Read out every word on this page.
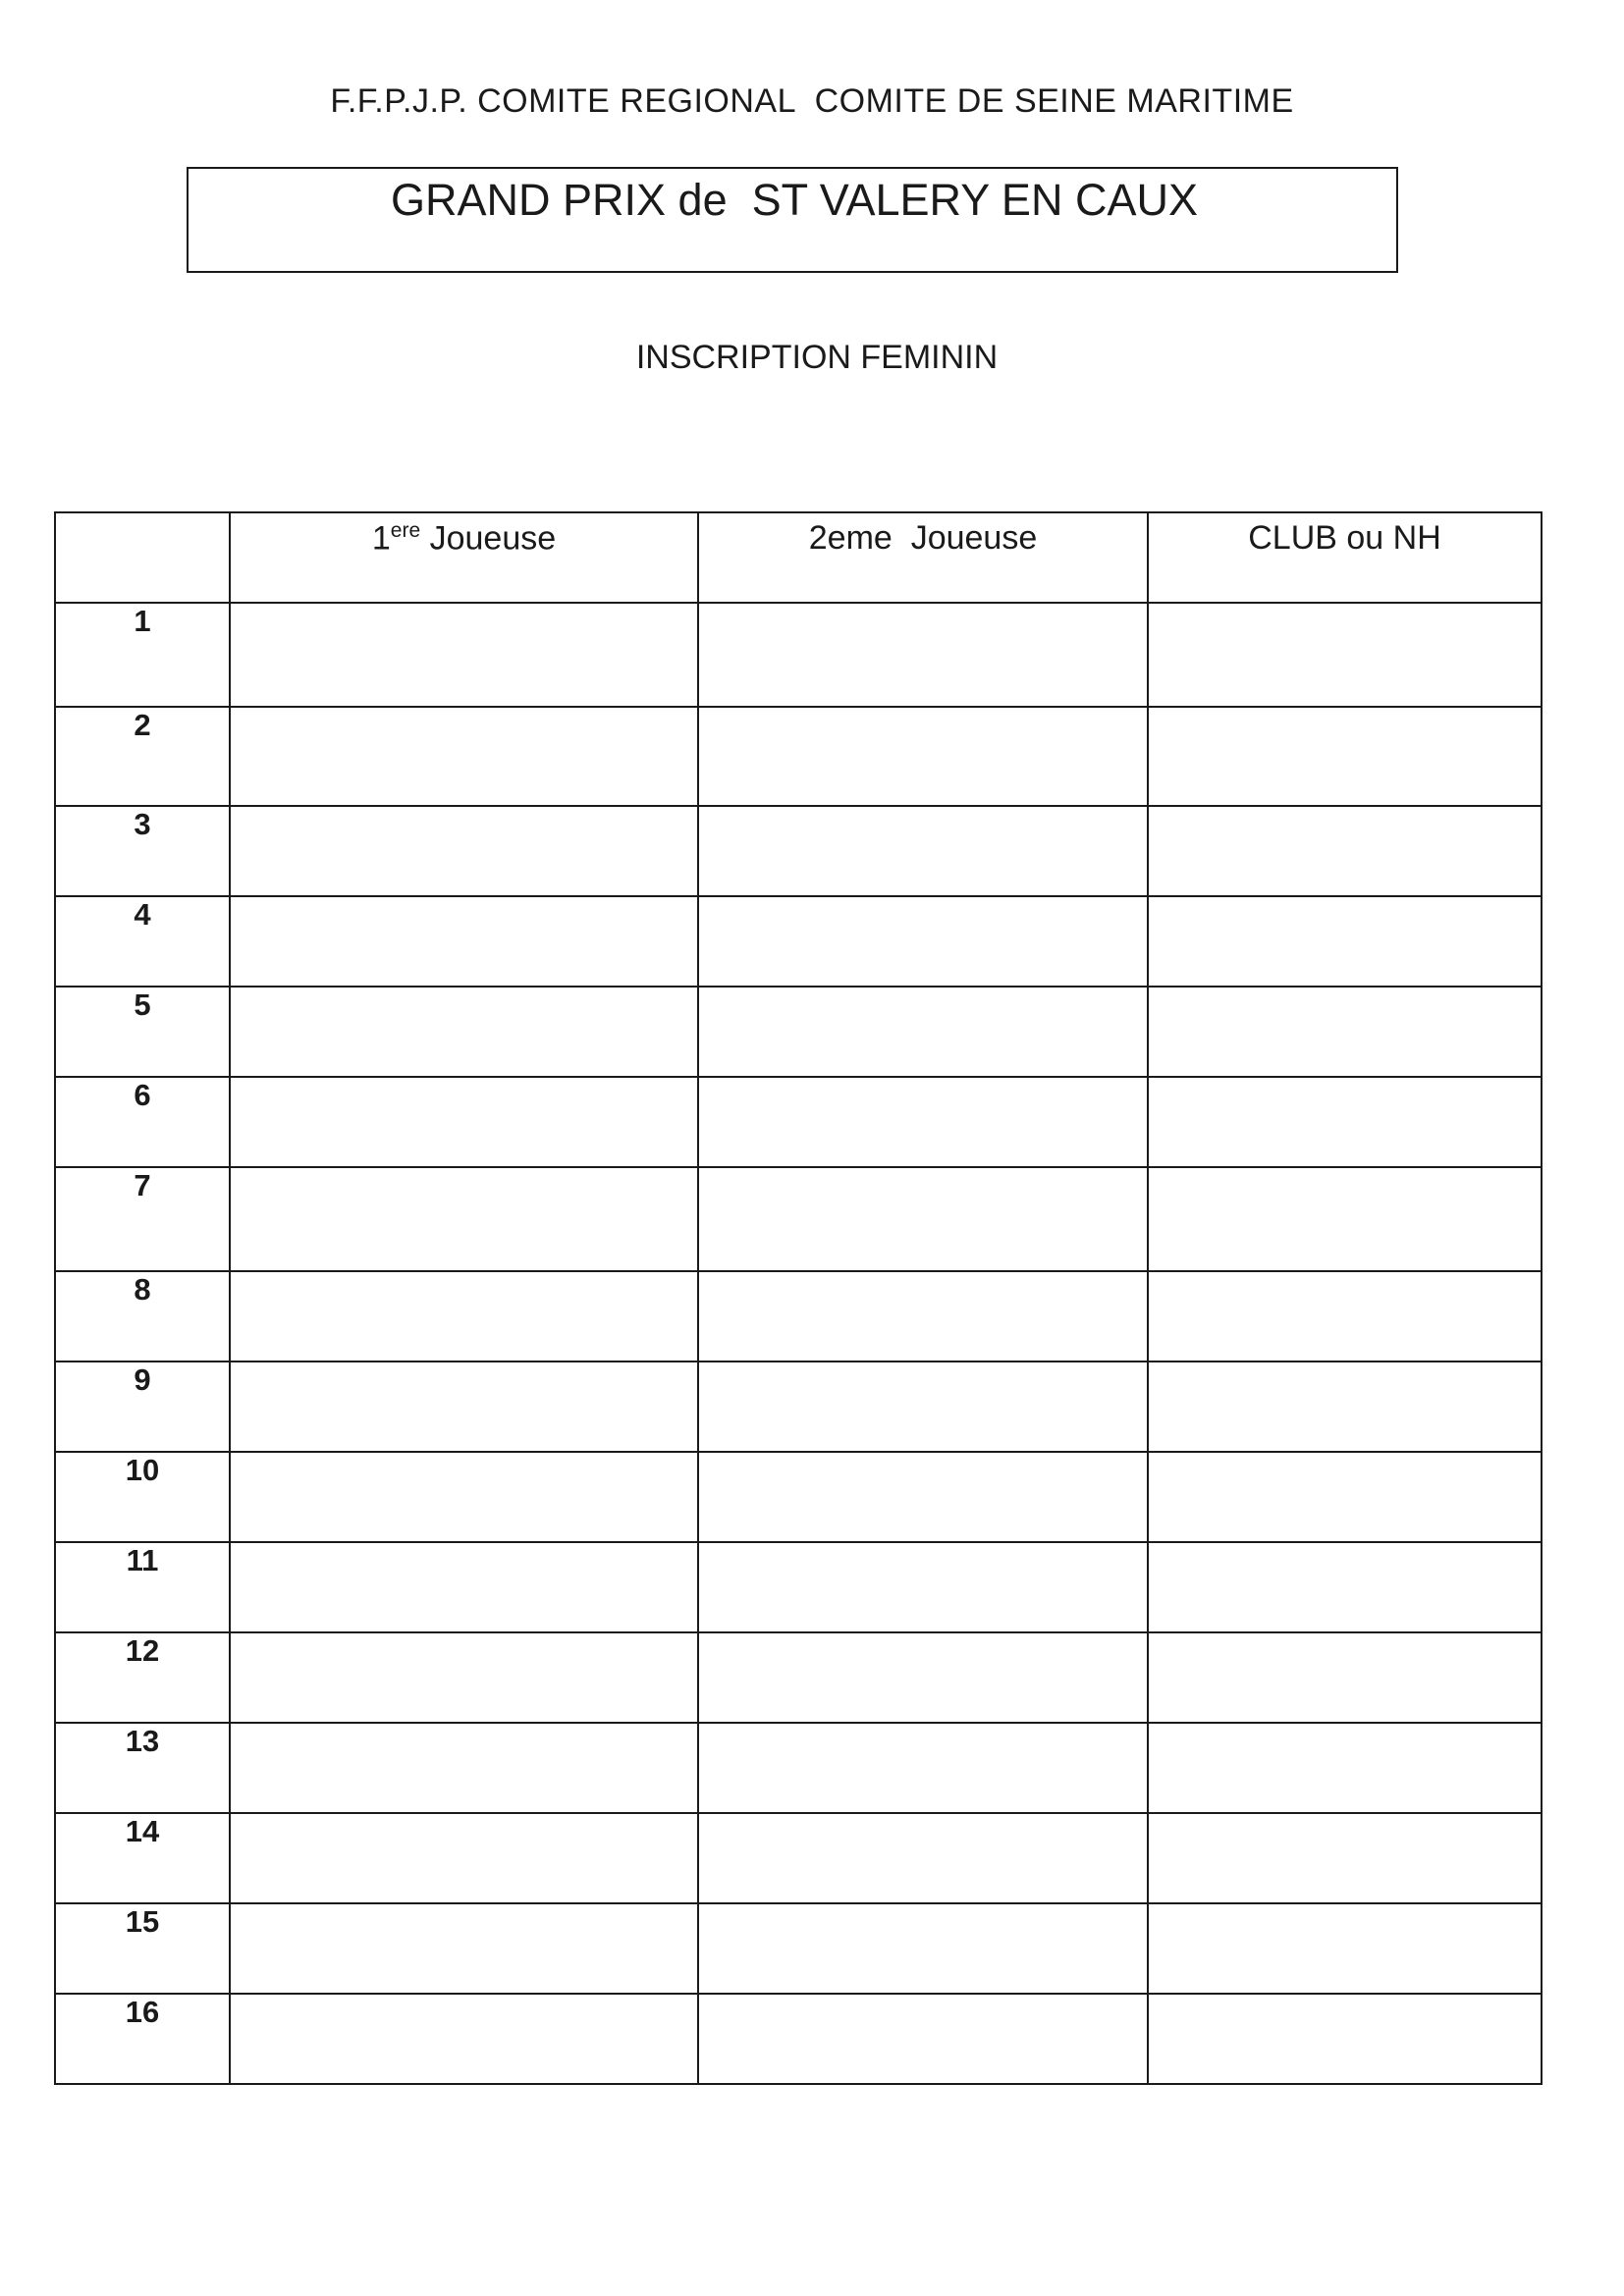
F.F.P.J.P. COMITE REGIONAL  COMITE DE SEINE MARITIME
GRAND PRIX de  ST VALERY EN CAUX
INSCRIPTION FEMININ
	1ere Joueuse	2eme  Joueuse	CLUB ou NH
1			
2			
3			
4			
5			
6			
7			
8			
9			
10			
11			
12			
13			
14			
15			
16			
